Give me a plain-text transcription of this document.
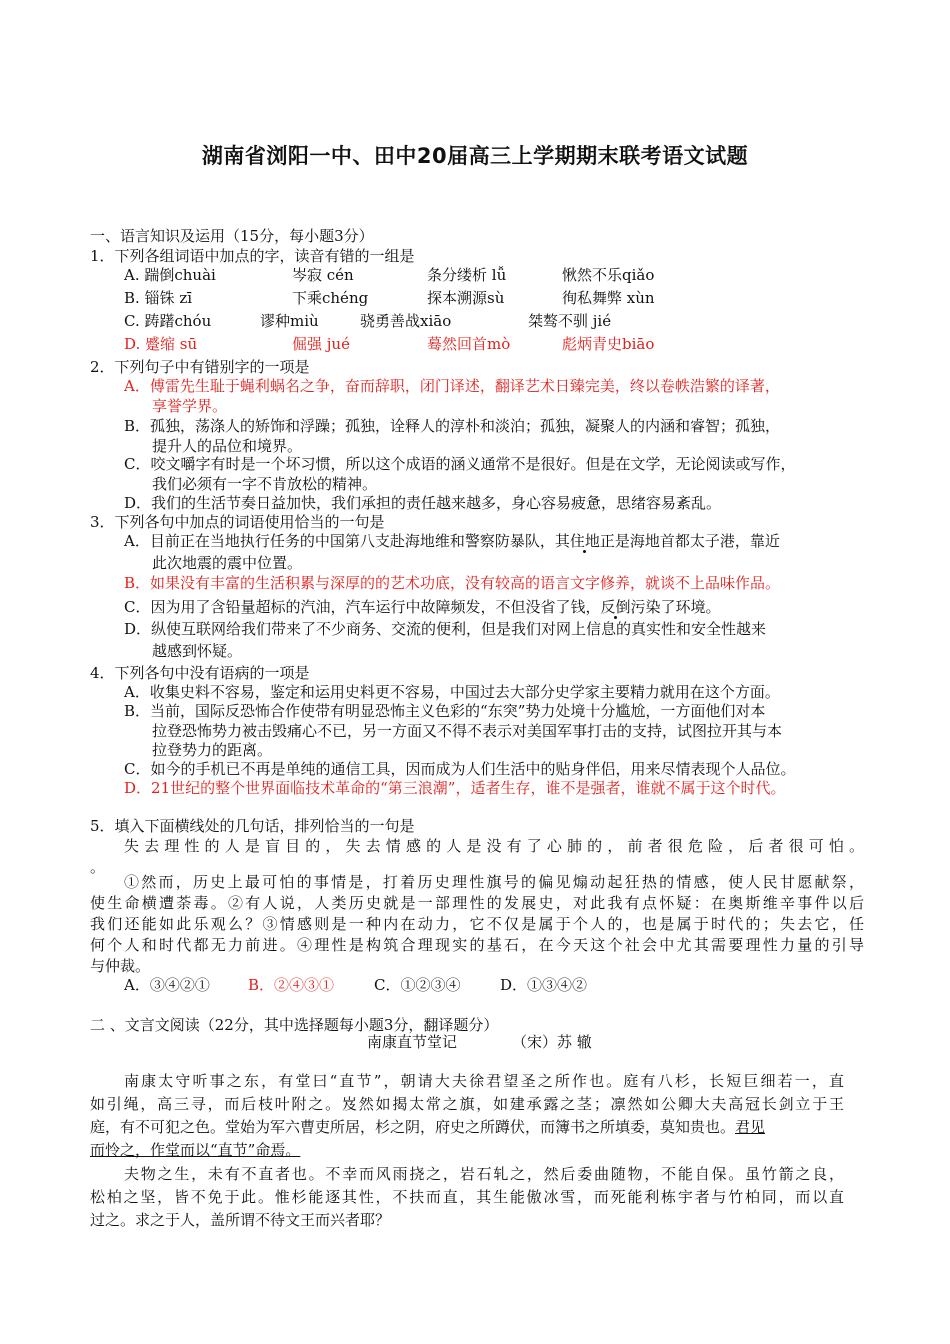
湖南省浏阳一中、田中20届高三上学期期末联考语文试题
一、语言知识及运用（15分，每小题3分）
1．下列各组词语中加点的字，读音有错的一组是
A. 踹倒chuài	岑寂 cén	条分缕析 lǚ	愀然不乐qiǎo
B. 锱铢 zī	下乘chéng	探本溯源sù	徇私舞弊 xùn
C. 踌躇chóu	谬种miù	骁勇善战xiāo	桀骜不驯 jié
D. 蹙缩 sū	倔强 jué	蓦然回首mò	彪炳青史biāo
2．下列句子中有错别字的一项是
A．傅雷先生耻于蝇利蜗名之争，奋而辞职，闭门译述，翻译艺术日臻完美，终以卷帙浩繁的译著，
享誉学界。
B．孤独，荡涤人的矫饰和浮躁；孤独，诠释人的淳朴和淡泊；孤独，凝聚人的内涵和睿智；孤独，
提升人的品位和境界。
C．咬文嚼字有时是一个坏习惯，所以这个成语的涵义通常不是很好。但是在文学，无论阅读或写作，
我们必须有一字不肯放松的精神。
D．我们的生活节奏日益加快，我们承担的责任越来越多，身心容易疲惫，思绪容易紊乱。
3．下列各句中加点的词语使用恰当的一句是
A．目前正在当地执行任务的中国第八支赴海地维和警察防暴队，其住地正是海地首都太子港，靠近
此次地震的震中位置。
B．如果没有丰富的生活积累与深厚的的艺术功底，没有较高的语言文字修养，就谈不上品味作品。
C．因为用了含铅量超标的汽油，汽车运行中故障频发，不但没省了钱，反倒污染了环境。
D．纵使互联网给我们带来了不少商务、交流的便利，但是我们对网上信息的真实性和安全性越来
越感到怀疑。
4．下列各句中没有语病的一项是
A．收集史料不容易，鉴定和运用史料更不容易，中国过去大部分史学家主要精力就用在这个方面。
B．当前，国际反恐怖合作使带有明显恐怖主义色彩的“东突”势力处境十分尴尬，一方面他们对本
拉登恐怖势力被击毁痛心不已，另一方面又不得不表示对美国军事打击的支持，试图拉开其与本
拉登势力的距离。
C．如今的手机已不再是单纯的通信工具，因而成为人们生活中的贴身伴侣，用来尽情表现个人品位。
D．21世纪的整个世界面临技术革命的“第三浪潮”，适者生存，谁不是强者，谁就不属于这个时代。
5．填入下面横线处的几句话，排列恰当的一句是
失去理性的人是盲目的，失去情感的人是没有了心肺的，前者很危险，后者很可怕。
。
①然而，历史上最可怕的事情是，打着历史理性旗号的偏见煽动起狂热的情感，使人民甘愿献祭，
使生命横遭荼毒。②有人说，人类历史就是一部理性的发展史，对此我有点怀疑：在奥斯维辛事件以后
我们还能如此乐观么？③情感则是一种内在动力，它不仅是属于个人的，也是属于时代的；失去它，任
何个人和时代都无力前进。④理性是构筑合理现实的基石，在今天这个社会中尤其需要理性力量的引导
与仲裁。
A．③④②①	B．②④③①	C．①②③④	D．①③④②
二 、文言文阅读（22分，其中选择题每小题3分，翻译题分）
南康直节堂记	（宋）苏 辙
南康太守听事之东，有堂曰“直节”，朝请大夫徐君望圣之所作也。庭有八杉，长短巨细若一，直
如引绳，高三寻，而后枝叶附之。岌然如揭太常之旗，如建承露之茎；凛然如公卿大夫高冠长剑立于王
庭，有不可犯之色。堂始为军六曹吏所居，杉之阴，府史之所蹲伏，而簿书之所填委，莫知贵也。君见
而怜之，作堂而以“直节”命焉。
夫物之生，未有不直者也。不幸而风雨挠之，岩石轧之，然后委曲随物，不能自保。虽竹箭之良，
松柏之坚，皆不免于此。惟杉能逐其性，不扶而直，其生能傲冰雪，而死能利栋宇者与竹柏同，而以直
过之。求之于人，盖所谓不待文王而兴者耶？
